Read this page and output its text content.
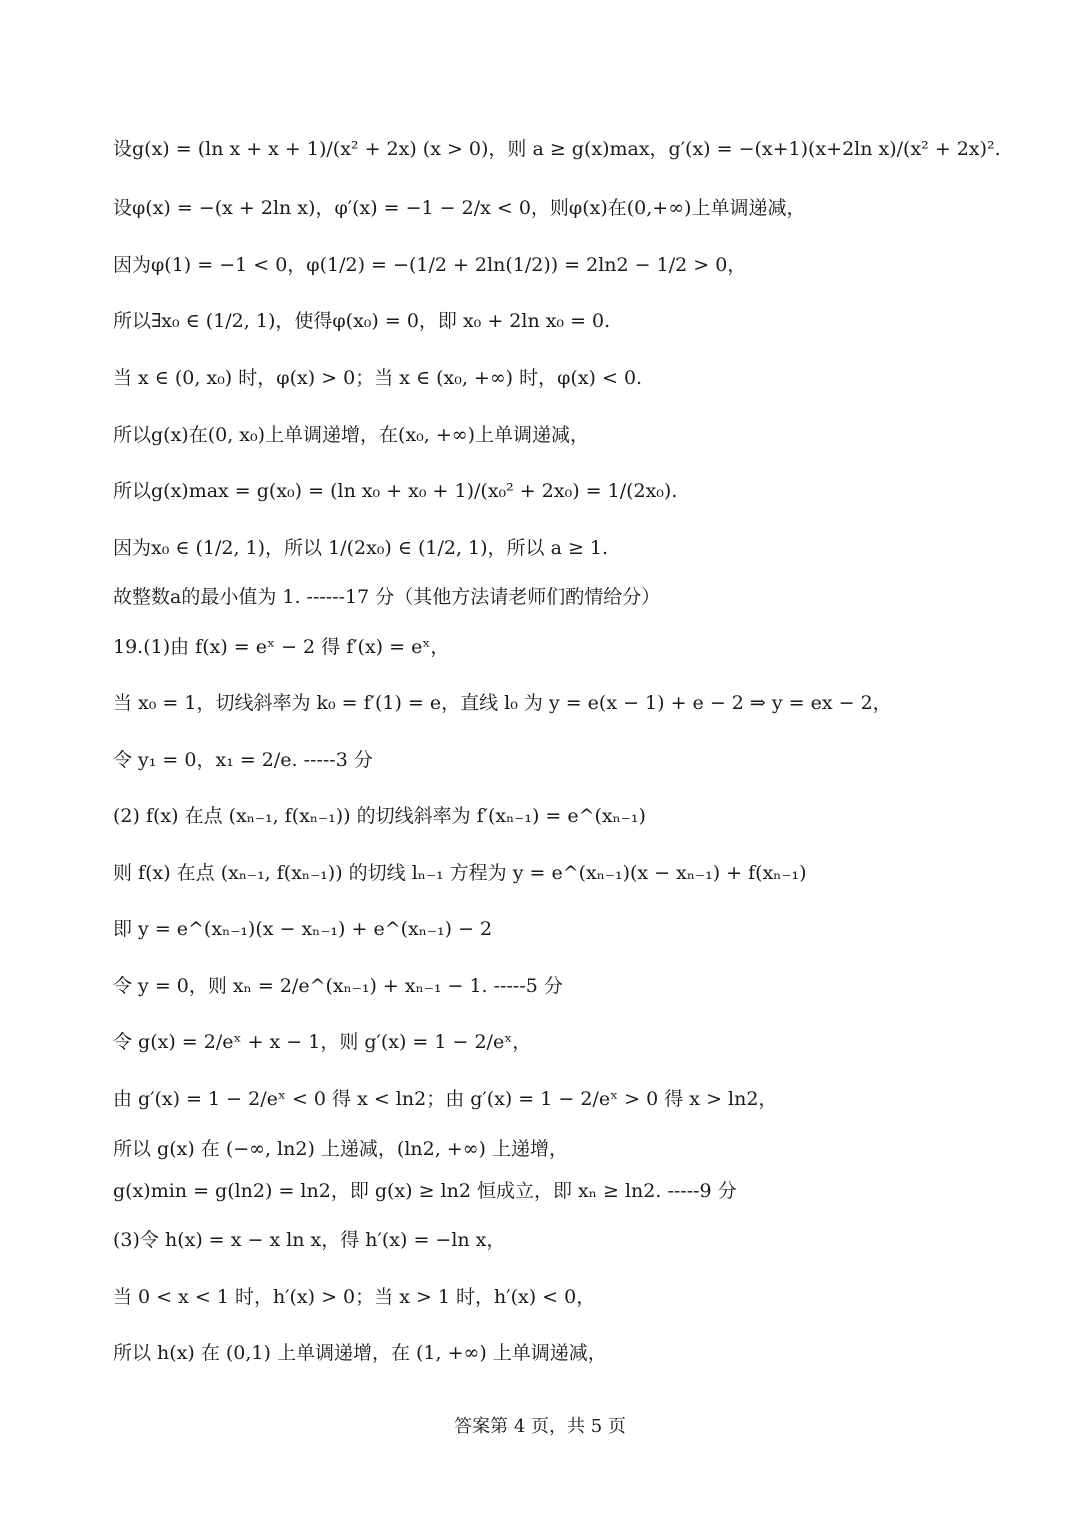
设g(x) = (ln x + x + 1)/(x² + 2x) (x > 0)，则 a ≥ g(x)max，g′(x) = −(x+1)(x+2ln x)/(x² + 2x)².
设φ(x) = −(x + 2ln x)，φ′(x) = −1 − 2/x < 0，则φ(x)在(0,+∞)上单调递减，
因为φ(1) = −1 < 0，φ(1/2) = −(1/2 + 2ln(1/2)) = 2ln2 − 1/2 > 0，
所以∃x₀ ∈ (1/2, 1)，使得φ(x₀) = 0，即 x₀ + 2ln x₀ = 0.
当 x ∈ (0, x₀) 时，φ(x) > 0；当 x ∈ (x₀, +∞) 时，φ(x) < 0.
所以g(x)在(0, x₀)上单调递增，在(x₀, +∞)上单调递减，
所以g(x)max = g(x₀) = (ln x₀ + x₀ + 1)/(x₀² + 2x₀) = 1/(2x₀).
因为x₀ ∈ (1/2, 1)，所以 1/(2x₀) ∈ (1/2, 1)，所以 a ≥ 1.
故整数a的最小值为 1. ------17 分（其他方法请老师们酌情给分）
19.(1)由 f(x) = eˣ − 2 得 f′(x) = eˣ，
当 x₀ = 1，切线斜率为 k₀ = f′(1) = e，直线 l₀ 为 y = e(x − 1) + e − 2 ⇒ y = ex − 2，
令 y₁ = 0，x₁ = 2/e. -----3 分
(2) f(x) 在点 (xₙ₋₁, f(xₙ₋₁)) 的切线斜率为 f′(xₙ₋₁) = e^(xₙ₋₁)
则 f(x) 在点 (xₙ₋₁, f(xₙ₋₁)) 的切线 lₙ₋₁ 方程为 y = e^(xₙ₋₁)(x − xₙ₋₁) + f(xₙ₋₁)
即 y = e^(xₙ₋₁)(x − xₙ₋₁) + e^(xₙ₋₁) − 2
令 y = 0，则 xₙ = 2/e^(xₙ₋₁) + xₙ₋₁ − 1. -----5 分
令 g(x) = 2/eˣ + x − 1，则 g′(x) = 1 − 2/eˣ，
由 g′(x) = 1 − 2/eˣ < 0 得 x < ln2；由 g′(x) = 1 − 2/eˣ > 0 得 x > ln2，
所以 g(x) 在 (−∞, ln2) 上递减，(ln2, +∞) 上递增，
g(x)min = g(ln2) = ln2，即 g(x) ≥ ln2 恒成立，即 xₙ ≥ ln2. -----9 分
(3)令 h(x) = x − x ln x，得 h′(x) = −ln x，
当 0 < x < 1 时，h′(x) > 0；当 x > 1 时，h′(x) < 0，
所以 h(x) 在 (0,1) 上单调递增，在 (1, +∞) 上单调递减，
答案第 4 页，共 5 页
